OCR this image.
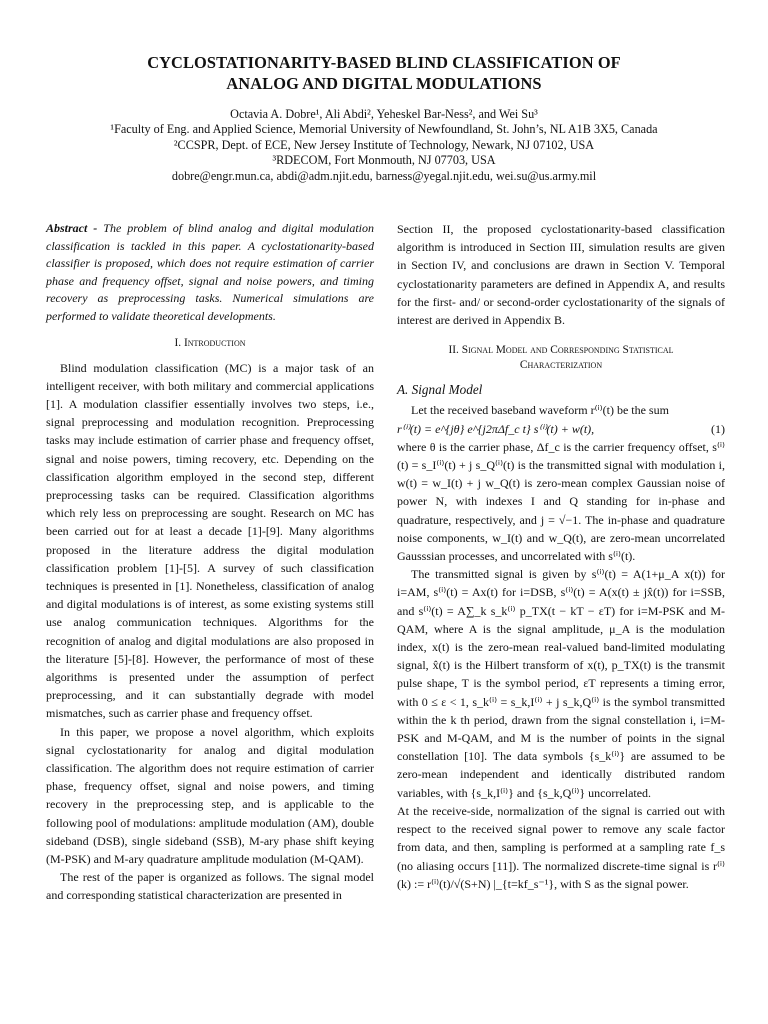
CYCLOSTATIONARITY-BASED BLIND CLASSIFICATION OF
ANALOG AND DIGITAL MODULATIONS
Octavia A. Dobre¹, Ali Abdi², Yeheskel Bar-Ness², and Wei Su³
¹Faculty of Eng. and Applied Science, Memorial University of Newfoundland, St. John’s, NL A1B 3X5, Canada
²CCSPR, Dept. of ECE, New Jersey Institute of Technology, Newark, NJ 07102, USA
³RDECOM, Fort Monmouth, NJ 07703, USA
dobre@engr.mun.ca, abdi@adm.njit.edu, barness@yegal.njit.edu, wei.su@us.army.mil

Abstract - The problem of blind analog and digital modulation classification is tackled in this paper. A cyclostationarity-based classifier is proposed, which does not require estimation of carrier phase and frequency offset, signal and noise powers, and timing recovery as preprocessing tasks. Numerical simulations are performed to validate theoretical developments.

I. Introduction

Blind modulation classification (MC) is a major task of an intelligent receiver, with both military and commercial applications [1]. A modulation classifier essentially involves two steps, i.e., signal preprocessing and modulation recognition. Preprocessing tasks may include estimation of carrier phase and frequency offset, signal and noise powers, timing recovery, etc. Depending on the classification algorithm employed in the second step, different preprocessing tasks can be required. Classification algorithms which rely less on preprocessing are sought. Research on MC has been carried out for at least a decade [1]-[9]. Many algorithms proposed in the literature address the digital modulation classification problem [1]-[5]. A survey of such classification techniques is presented in [1]. Nonetheless, classification of analog and digital modulations is of interest, as some existing systems still use analog communication techniques. Algorithms for the recognition of analog and digital modulations are also proposed in the literature [5]-[8]. However, the performance of most of these algorithms is presented under the assumption of perfect preprocessing, and it can substantially degrade with model mismatches, such as carrier phase and frequency offset.

In this paper, we propose a novel algorithm, which exploits signal cyclostationarity for analog and digital modulation classification. The algorithm does not require estimation of carrier phase, frequency offset, signal and noise powers, and timing recovery in the preprocessing step, and is applicable to the following pool of modulations: amplitude modulation (AM), double sideband (DSB), single sideband (SSB), M-ary phase shift keying (M-PSK) and M-ary quadrature amplitude modulation (M-QAM).

The rest of the paper is organized as follows. The signal model and corresponding statistical characterization are presented in

Section II, the proposed cyclostationarity-based classification algorithm is introduced in Section III, simulation results are given in Section IV, and conclusions are drawn in Section V. Temporal cyclostationarity parameters are defined in Appendix A, and results for the first- and/ or second-order cyclostationarity of the signals of interest are derived in Appendix B.

II. Signal Model and Corresponding Statistical
Characterization
A. Signal Model

Let the received baseband waveform r⁽ⁱ⁾(t) be the sum

r⁽ⁱ⁾(t) = e^{jθ} e^{j2πΔf_c t} s⁽ⁱ⁾(t) + w(t),	(1)

where θ is the carrier phase, Δf_c is the carrier frequency offset, s⁽ⁱ⁾(t) = s_I⁽ⁱ⁾(t) + j s_Q⁽ⁱ⁾(t) is the transmitted signal with modulation i, w(t) = w_I(t) + j w_Q(t) is zero-mean complex Gaussian noise of power N, with indexes I and Q standing for in-phase and quadrature, respectively, and j = √−1. The in-phase and quadrature noise components, w_I(t) and w_Q(t), are zero-mean uncorrelated Gausssian processes, and uncorrelated with s⁽ⁱ⁾(t).

The transmitted signal is given by s⁽ⁱ⁾(t) = A(1+μ_A x(t)) for i=AM, s⁽ⁱ⁾(t) = Ax(t) for i=DSB, s⁽ⁱ⁾(t) = A(x(t) ± jx̂(t)) for i=SSB, and s⁽ⁱ⁾(t) = A∑_k s_k⁽ⁱ⁾ p_TX(t − kT − εT) for i=M-PSK and M-QAM, where A is the signal amplitude, μ_A is the modulation index, x(t) is the zero-mean real-valued band-limited modulating signal, x̂(t) is the Hilbert transform of x(t), p_TX(t) is the transmit pulse shape, T is the symbol period, εT represents a timing error, with 0 ≤ ε < 1, s_k⁽ⁱ⁾ = s_k,I⁽ⁱ⁾ + j s_k,Q⁽ⁱ⁾ is the symbol transmitted within the k th period, drawn from the signal constellation i, i=M-PSK and M-QAM, and M is the number of points in the signal constellation [10]. The data symbols {s_k⁽ⁱ⁾} are assumed to be zero-mean independent and identically distributed random variables, with {s_k,I⁽ⁱ⁾} and {s_k,Q⁽ⁱ⁾} uncorrelated.

At the receive-side, normalization of the signal is carried out with respect to the received signal power to remove any scale factor from data, and then, sampling is performed at a sampling rate f_s (no aliasing occurs [11]). The normalized discrete-time signal is r⁽ⁱ⁾(k) := r⁽ⁱ⁾(t)/√(S+N) |_{t=kf_s⁻¹}, with S as the signal power.
